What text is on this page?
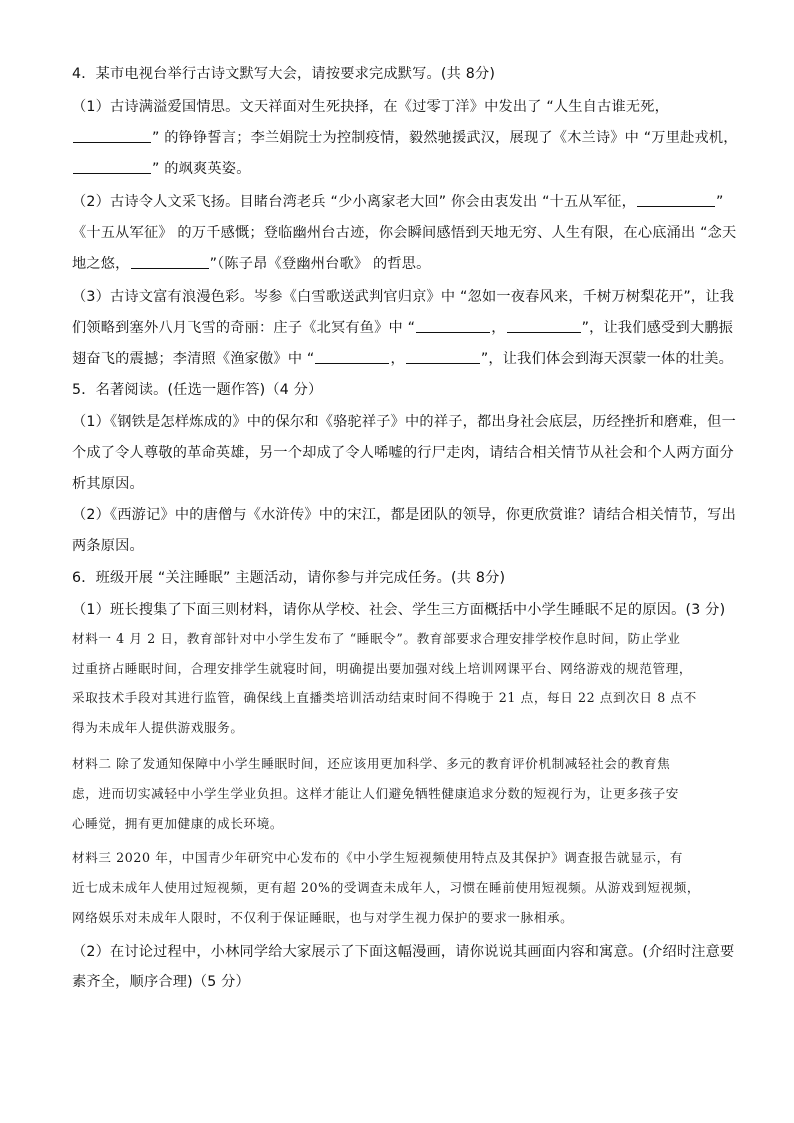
4．某市电视台举行古诗文默写大会，请按要求完成默写。(共 8分)
（1）古诗满溢爱国情思。文天祥面对生死抉择，在《过零丁洋》中发出了 “人生自古谁无死，
” 的铮铮誓言；李兰娟院士为控制疫情，毅然驰援武汉，展现了《木兰诗》中 “万里赴戎机，
” 的飒爽英姿。
（2）古诗令人文采飞扬。目睹台湾老兵 “少小离家老大回” 你会由衷发出 “十五从军征，	”
《十五从军征》 的万千感慨；登临幽州台古迹，你会瞬间感悟到天地无穷、人生有限，在心底涌出 “念天
地之悠，	”（陈子昂《登幽州台歌》 的哲思。
（3）古诗文富有浪漫色彩。岑参《白雪歌送武判官归京》中 “忽如一夜春风来，千树万树梨花开”，让我
们领略到塞外八月飞雪的奇丽：庄子《北冥有鱼》中 “	，	”，让我们感受到大鹏振
翅奋飞的震撼；李清照《渔家傲》中 “	，	”，让我们体会到海天溟蒙一体的壮美。
5．名著阅读。(任选一题作答)（4 分）
（1）《钢铁是怎样炼成的》中的保尔和《骆驼祥子》中的祥子，都出身社会底层，历经挫折和磨难，但一
个成了令人尊敬的革命英雄，另一个却成了令人唏嘘的行尸走肉，请结合相关情节从社会和个人两方面分
析其原因。
（2）《西游记》中的唐僧与《水浒传》中的宋江，都是团队的领导，你更欣赏谁？请结合相关情节，写出
两条原因。
6．班级开展 “关注睡眠” 主题活动，请你参与并完成任务。(共 8分)
（1）班长搜集了下面三则材料，请你从学校、社会、学生三方面概括中小学生睡眠不足的原因。(3 分)
材料一 4 月 2 日，教育部针对中小学生发布了 “睡眠令”。教育部要求合理安排学校作息时间，防止学业
过重挤占睡眠时间，合理安排学生就寝时间，明确提出要加强对线上培训网课平台、网络游戏的规范管理，
采取技术手段对其进行监管，确保线上直播类培训活动结束时间不得晚于 21 点，每日 22 点到次日 8 点不
得为未成年人提供游戏服务。
材料二 除了发通知保障中小学生睡眠时间，还应该用更加科学、多元的教育评价机制减轻社会的教育焦
虑，进而切实减轻中小学生学业负担。这样才能让人们避免牺牲健康追求分数的短视行为，让更多孩子安
心睡觉，拥有更加健康的成长环境。
材料三 2020 年，中国青少年研究中心发布的《中小学生短视频使用特点及其保护》调查报告就显示，有
近七成未成年人使用过短视频，更有超 20%的受调查未成年人，习惯在睡前使用短视频。从游戏到短视频，
网络娱乐对未成年人限时，不仅利于保证睡眠，也与对学生视力保护的要求一脉相承。
（2）在讨论过程中，小林同学给大家展示了下面这幅漫画，请你说说其画面内容和寓意。(介绍时注意要
素齐全，顺序合理)（5 分）
